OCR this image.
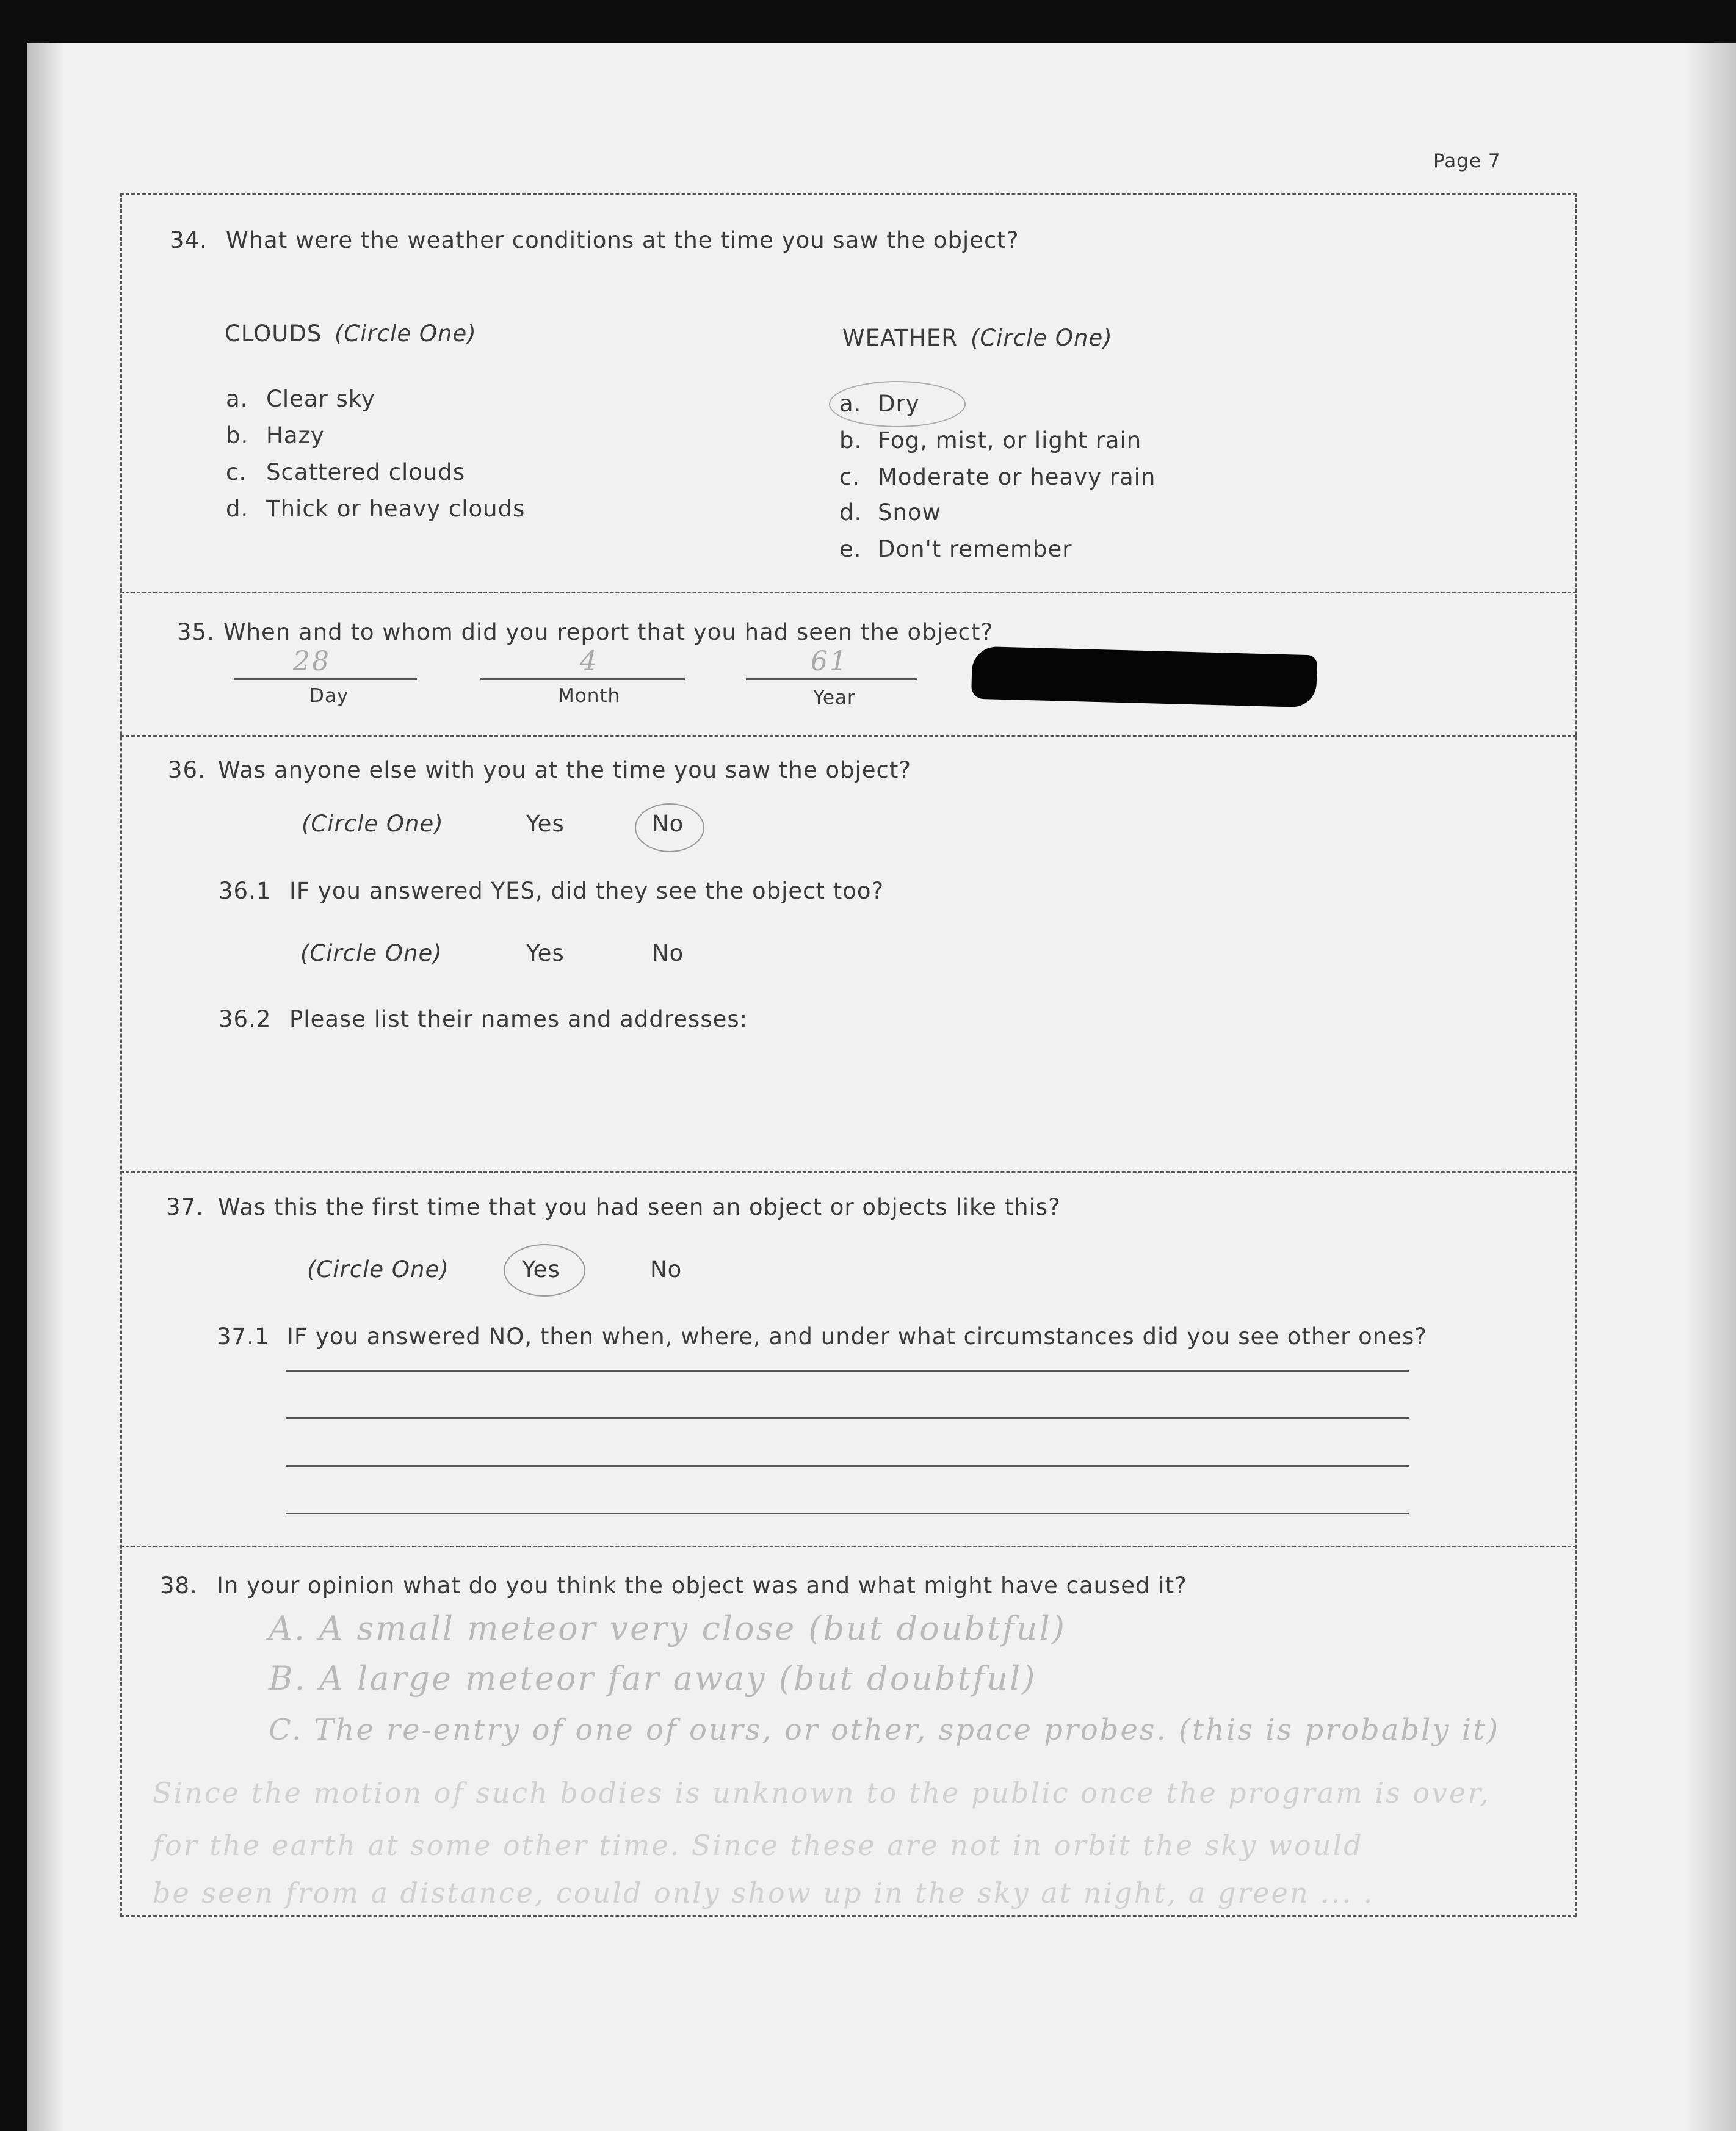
Page 7
34. What were the weather conditions at the time you saw the object?
CLOUDS (Circle One)
a. Clear sky
b. Hazy
c. Scattered clouds
d. Thick or heavy clouds
WEATHER (Circle One)
a. Dry
b. Fog, mist, or light rain
c. Moderate or heavy rain
d. Snow
e. Don't remember
35. When and to whom did you report that you had seen the object?
28
Day
4
Month
61
Year
36. Was anyone else with you at the time you saw the object?
(Circle One)	Yes	No
36.1 IF you answered YES, did they see the object too?
(Circle One)	Yes	No
36.2 Please list their names and addresses:
37. Was this the first time that you had seen an object or objects like this?
(Circle One)	Yes	No
37.1 IF you answered NO, then when, where, and under what circumstances did you see other ones?
38. In your opinion what do you think the object was and what might have caused it?
A. A small meteor very close (but doubtful)
B. A large meteor far away (but doubtful)
C. The re-entry of one of ours, or other, space probes. (this is probably it)
Since the motion of such bodies is unknown to the public once the program is over,
for the earth at some other time. Since these are not in orbit the sky would
be seen from a distance, could only show up in the sky at night, a green ... .
